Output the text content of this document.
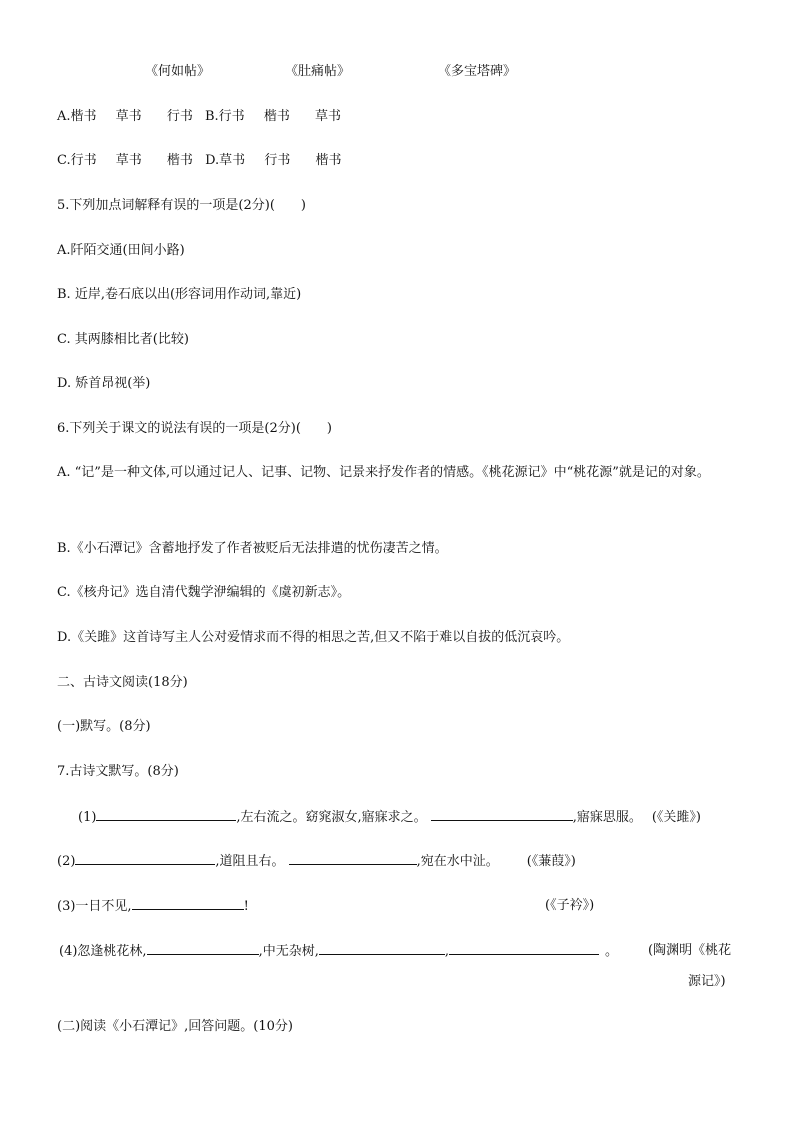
《何如帖》	《肚痛帖》	《多宝塔碑》
A.楷书 草书 行书 B.行书 楷书 草书
C.行书 草书 楷书 D.草书 行书 楷书
5.下列加点词解释有误的一项是(2分)(　　)
A.阡陌交通(田间小路)
B. 近岸,卷石底以出(形容词用作动词,靠近)
C. 其两膝相比者(比较)
D. 矫首昂视(举)
6.下列关于课文的说法有误的一项是(2分)(　　)
A. “记”是一种文体,可以通过记人、记事、记物、记景来抒发作者的情感。《桃花源记》中“桃花源”就是记的对象。
B.《小石潭记》含蓄地抒发了作者被贬后无法排遣的忧伤凄苦之情。
C.《核舟记》选自清代魏学洢编辑的《虞初新志》。
D.《关雎》这首诗写主人公对爱情求而不得的相思之苦,但又不陷于难以自拔的低沉哀吟。
二、古诗文阅读(18分)
(一)默写。(8分)
7.古诗文默写。(8分)
(1)	,左右流之。窈窕淑女,寤寐求之。	,寤寐思服。 (《关雎》)
(2)	,道阻且右。	,宛在水中沚。 (《蒹葭》)
(3)一日不见,	!	(《子衿》)
(4)忽逢桃花林,	,中无杂树,	,	。 (陶渊明《桃花
源记》)
(二)阅读《小石潭记》,回答问题。(10分)
